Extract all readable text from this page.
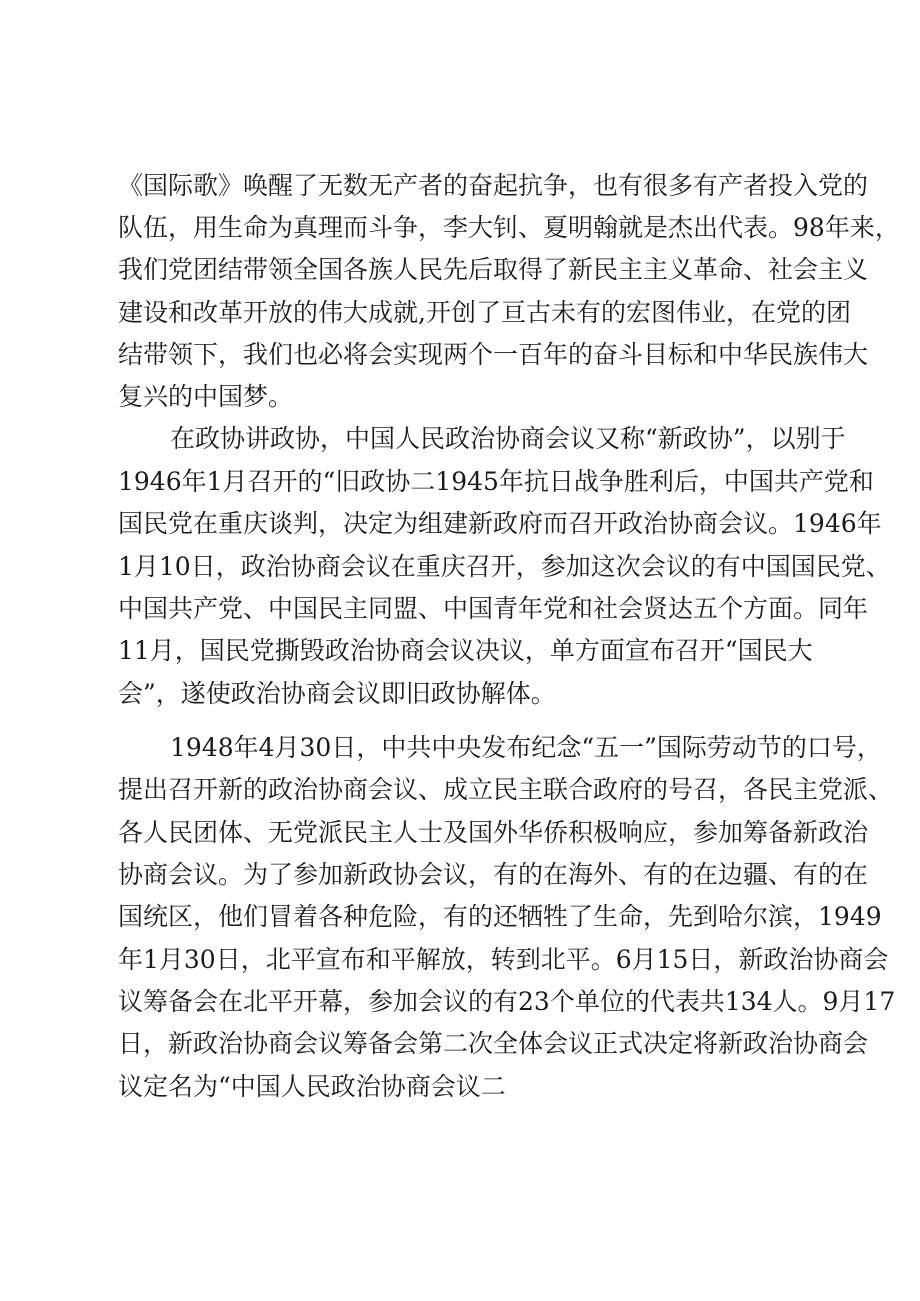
《国际歌》唤醒了无数无产者的奋起抗争，也有很多有产者投入党的
队伍，用生命为真理而斗争，李大钊、夏明翰就是杰出代表。98年来，
我们党团结带领全国各族人民先后取得了新民主主义革命、社会主义
建设和改革开放的伟大成就,开创了亘古未有的宏图伟业，在党的团
结带领下，我们也必将会实现两个一百年的奋斗目标和中华民族伟大
复兴的中国梦。
在政协讲政协，中国人民政治协商会议又称“新政协”，以别于
1946年1月召开的“旧政协二1945年抗日战争胜利后，中国共产党和
国民党在重庆谈判，决定为组建新政府而召开政治协商会议。1946年
1月10日，政治协商会议在重庆召开，参加这次会议的有中国国民党、
中国共产党、中国民主同盟、中国青年党和社会贤达五个方面。同年
11月，国民党撕毁政治协商会议决议，单方面宣布召开“国民大
会”，遂使政治协商会议即旧政协解体。
1948年4月30日，中共中央发布纪念“五一”国际劳动节的口号，
提出召开新的政治协商会议、成立民主联合政府的号召，各民主党派、
各人民团体、无党派民主人士及国外华侨积极响应，参加筹备新政治
协商会议。为了参加新政协会议，有的在海外、有的在边疆、有的在
国统区，他们冒着各种危险，有的还牺牲了生命，先到哈尔滨，1949
年1月30日，北平宣布和平解放，转到北平。6月15日，新政治协商会
议筹备会在北平开幕，参加会议的有23个单位的代表共134人。9月17
日，新政治协商会议筹备会第二次全体会议正式决定将新政治协商会
议定名为“中国人民政治协商会议二
